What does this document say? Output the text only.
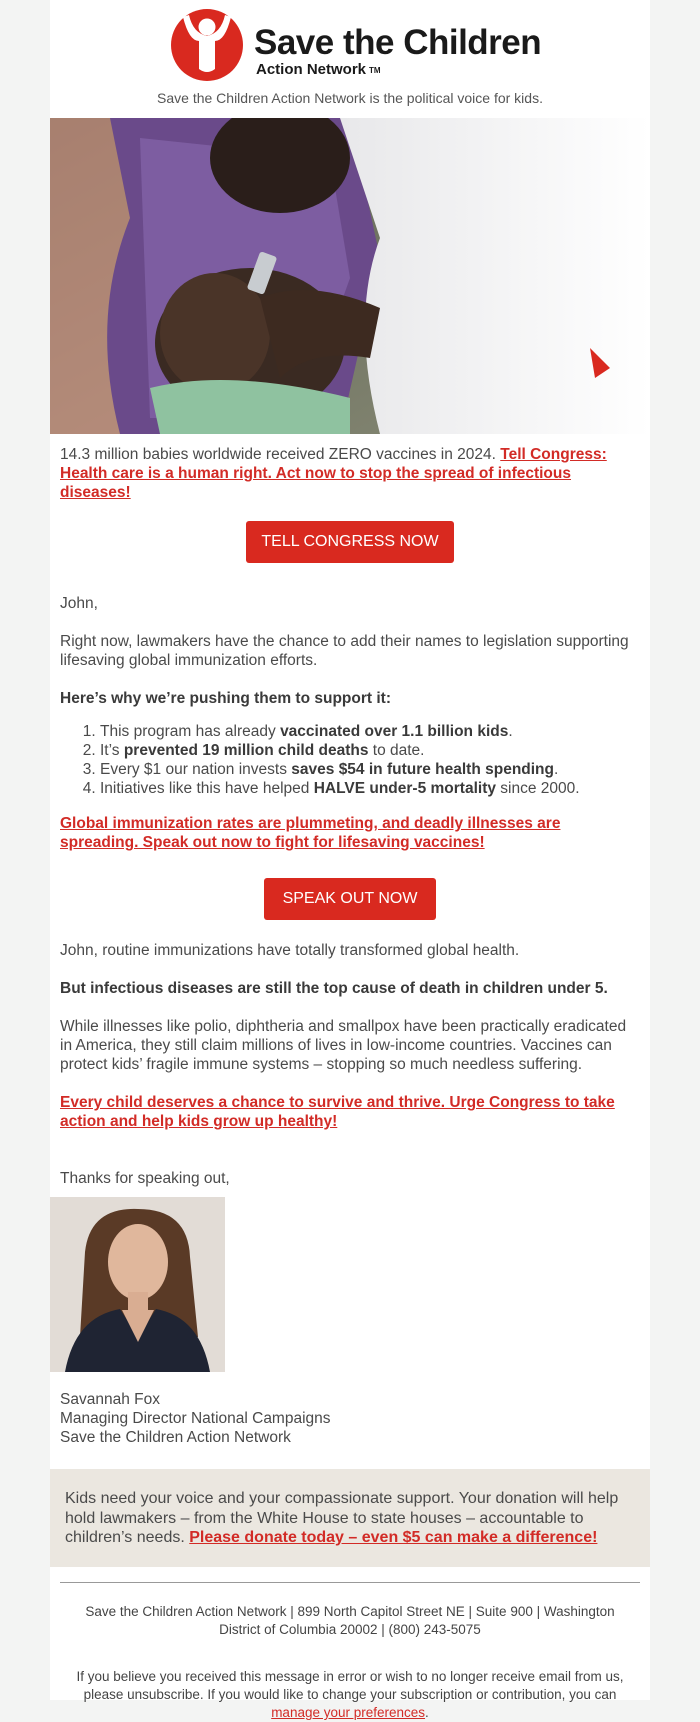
Save the Children
Action Network TM
Save the Children Action Network is the political voice for kids.

14.3 million babies worldwide received ZERO vaccines in 2024. Tell Congress: Health care is a human right. Act now to stop the spread of infectious diseases!

TELL CONGRESS NOW

John,

Right now, lawmakers have the chance to add their names to legislation supporting lifesaving global immunization efforts.

Here’s why we’re pushing them to support it:

1. This program has already vaccinated over 1.1 billion kids.
2. It’s prevented 19 million child deaths to date.
3. Every $1 our nation invests saves $54 in future health spending.
4. Initiatives like this have helped HALVE under-5 mortality since 2000.

Global immunization rates are plummeting, and deadly illnesses are spreading. Speak out now to fight for lifesaving vaccines!

SPEAK OUT NOW

John, routine immunizations have totally transformed global health.

But infectious diseases are still the top cause of death in children under 5.

While illnesses like polio, diphtheria and smallpox have been practically eradicated in America, they still claim millions of lives in low-income countries. Vaccines can protect kids’ fragile immune systems – stopping so much needless suffering.

Every child deserves a chance to survive and thrive. Urge Congress to take action and help kids grow up healthy!

Thanks for speaking out,

Savannah Fox

Managing Director National Campaigns

Save the Children Action Network

Kids need your voice and your compassionate support. Your donation will help hold lawmakers – from the White House to state houses – accountable to children’s needs. Please donate today – even $5 can make a difference!

Save the Children Action Network | 899 North Capitol Street NE | Suite 900 | Washington District of Columbia 20002 | (800) 243-5075

If you believe you received this message in error or wish to no longer receive email from us, please unsubscribe. If you would like to change your subscription or contribution, you can manage your preferences.
